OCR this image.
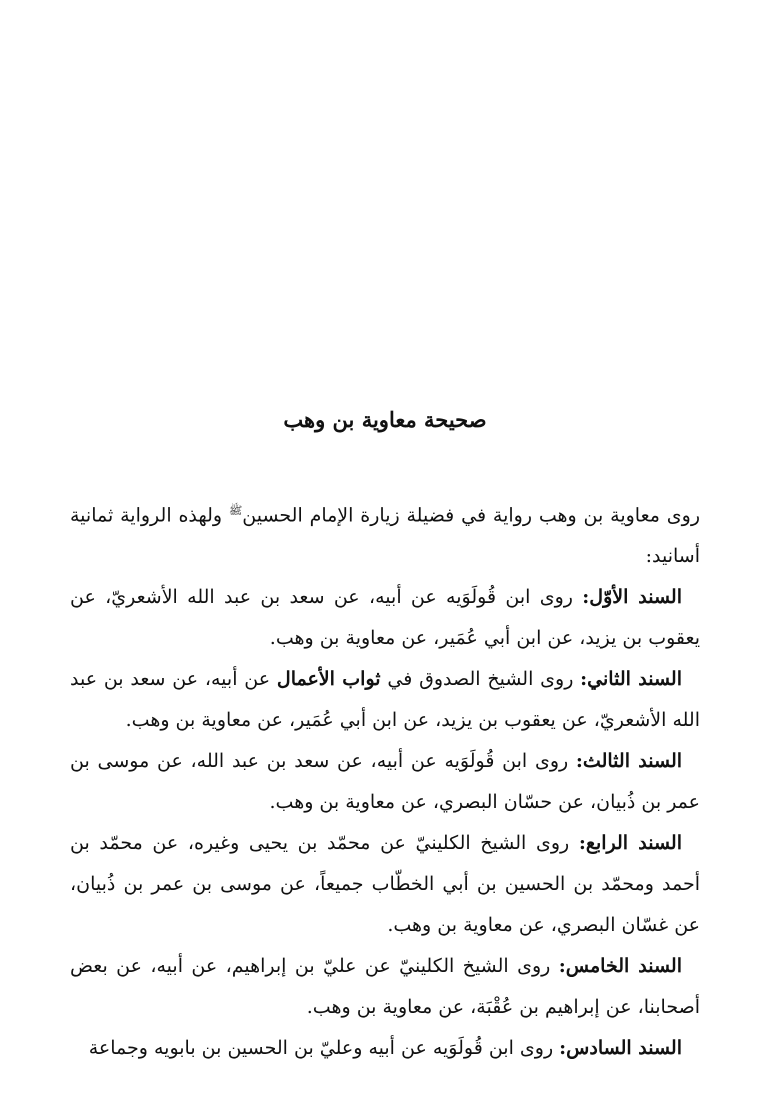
صحيحة معاوية بن وهب

روى معاوية بن وهب رواية في فضيلة زيارة الإمام الحسين$^ﷺ$ ولهذه الرواية ثمانية أسانيد:

السند الأوّل: روى ابن قُولَوَيه عن أبيه، عن سعد بن عبد الله الأشعريّ، عن يعقوب بن يزيد، عن ابن أبي عُمَير، عن معاوية بن وهب.

السند الثاني: روى الشيخ الصدوق في ثواب الأعمال عن أبيه، عن سعد بن عبد الله الأشعريّ، عن يعقوب بن يزيد، عن ابن أبي عُمَير، عن معاوية بن وهب.

السند الثالث: روى ابن قُولَوَيه عن أبيه، عن سعد بن عبد الله، عن موسى بن عمر بن ذُبيان، عن حسّان البصري، عن معاوية بن وهب.

السند الرابع: روى الشيخ الكلينيّ عن محمّد بن يحيى وغيره، عن محمّد بن أحمد ومحمّد بن الحسين بن أبي الخطّاب جميعاً، عن موسى بن عمر بن ذُبيان، عن غسّان البصري، عن معاوية بن وهب.

السند الخامس: روى الشيخ الكلينيّ عن عليّ بن إبراهيم، عن أبيه، عن بعض أصحابنا، عن إبراهيم بن عُقْبَة، عن معاوية بن وهب.

السند السادس: روى ابن قُولَوَيه عن أبيه وعليّ بن الحسين بن بابويه وجماعة
